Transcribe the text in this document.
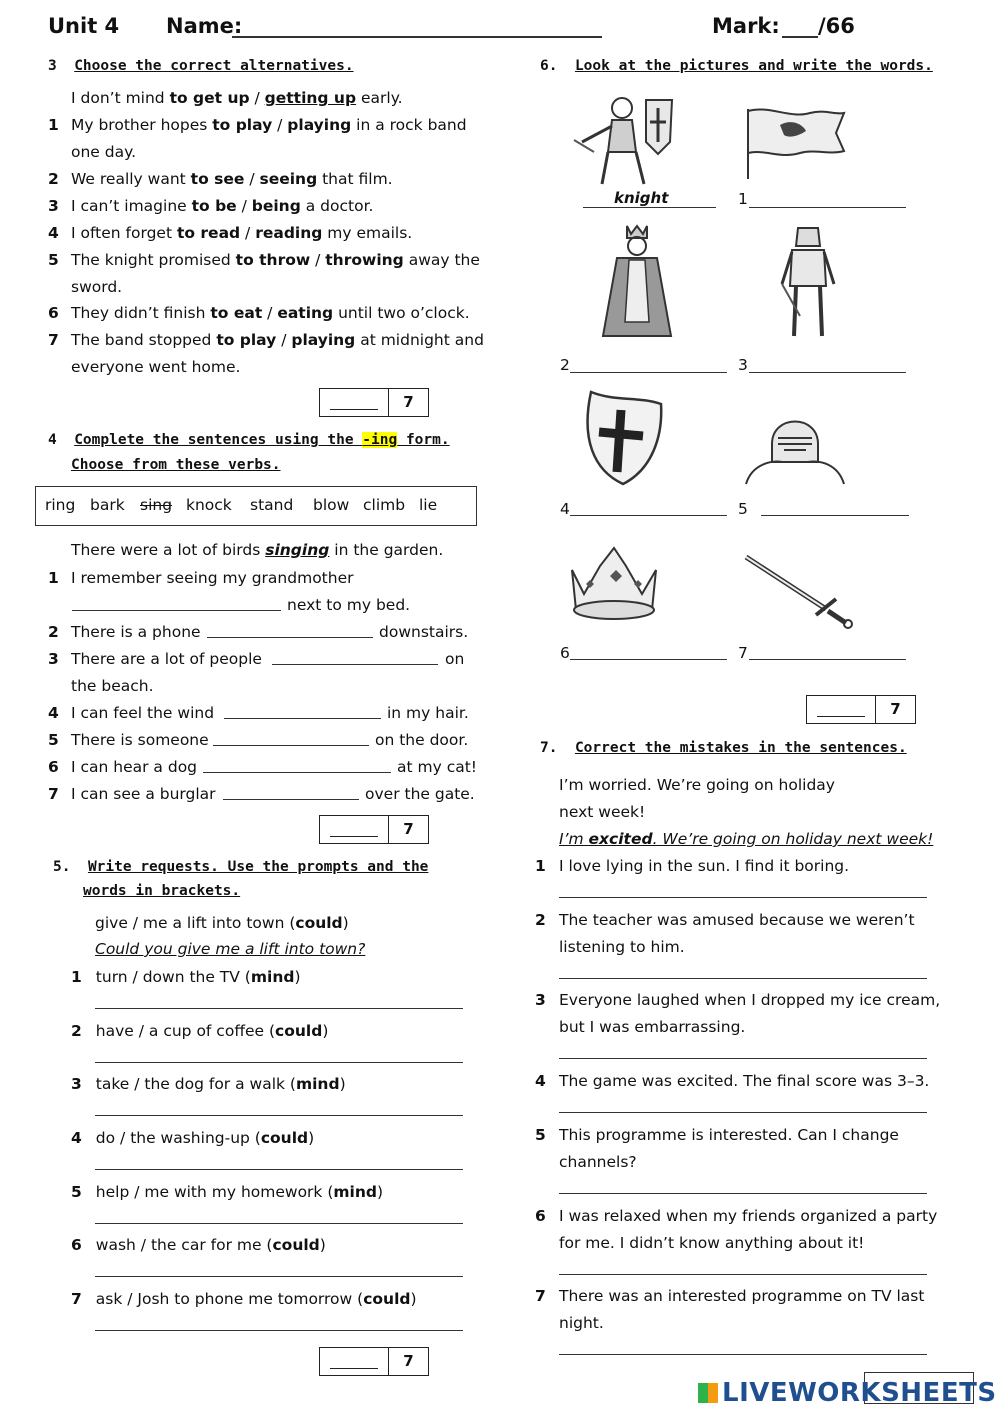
Unit 4 Name:	Mark: /66
3 Choose the correct alternatives.
I don’t mind to get up / getting up early.
1 My brother hopes to play / playing in a rock band
one day.
2 We really want to see / seeing that film.
3 I can’t imagine to be / being a doctor.
4 I often forget to read / reading my emails.
5 The knight promised to throw / throwing away the
sword.
6 They didn’t finish to eat / eating until two o’clock.
7 The band stopped to play / playing at midnight and
everyone went home.
7
4 Complete the sentences using the -ing form.
Choose from these verbs.
ring bark sing knock stand blow climb lie
There were a lot of birds singing in the garden.
1 I remember seeing my grandmother
next to my bed.
2 There is a phone	downstairs.
3 There are a lot of people
the beach.
on
4 I can feel the wind	in my hair.
5 There is someone	on the door.
6 I can hear a dog	at my cat!
7 I can see a burglar	over the gate.
7
5. Write requests. Use the prompts and the
words in brackets.
give / me a lift into town (could)
Could you give me a lift into town?
1 turn / down the TV (mind)
2 have / a cup of coffee (could)
3 take / the dog for a walk (mind)
4 do / the washing-up (could)
5 help / me with my homework (mind)
6 wash / the car for me (could)
7 ask / Josh to phone me tomorrow (could)
7
6. Look at the pictures and write the words.
knight	1
2	3
4	5
6	7
7
7. Correct the mistakes in the sentences.
I’m worried. We’re going on holiday
next week!
I’m excited. We’re going on holiday next week!
1 I love lying in the sun. I find it boring.
2 The teacher was amused because we weren’t
listening to him.
3 Everyone laughed when I dropped my ice cream,
but I was embarrassing.
4 The game was excited. The final score was 3–3.
5 This programme is interested. Can I change
channels?
6 I was relaxed when my friends organized a party
for me. I didn’t know anything about it!
7 There was an interested programme on TV last
night.
LIVEWORKSHEETS
